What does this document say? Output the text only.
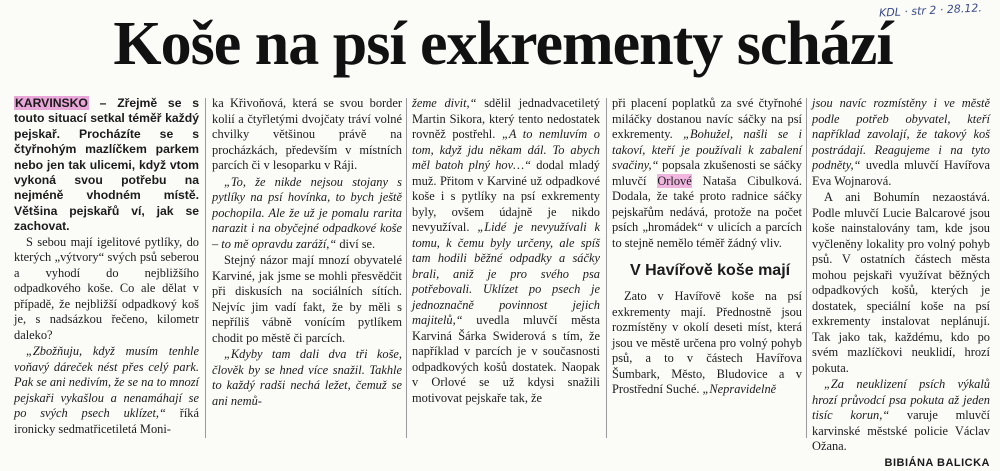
Koše na psí exkrementy schází
KDL · str 2 · 28.12.
KARVINSKO – Zřejmě se s touto situací setkal téměř každý pejskař. Procházíte se s čtyřnohým mazlíčkem parkem nebo jen tak ulicemi, když vtom vykoná svou potřebu na nejméně vhodném místě. Většina pejskařů ví, jak se zachovat.

S sebou mají igelitové pytlíky, do kterých „výtvory“ svých psů seberou a vyhodí do nejbližšího odpadkového koše. Co ale dělat v případě, že nejbližší odpadkový koš je, s nadsázkou řečeno, kilometr daleko?

„Zbožňuju, když musím tenhle voňavý dáreček nést přes celý park. Pak se ani nedivím, že se na to mnozí pejskaři vykašlou a nenamáhají se po svých psech uklízet,“ říká ironicky sedmatřicetiletá Moni-

ka Křivoňová, která se svou border kolií a čtyřletými dvojčaty tráví volné chvilky většinou právě na procházkách, především v místních parcích či v lesoparku v Ráji.

„To, že nikde nejsou stojany s pytlíky na psí hovínka, to bych ještě pochopila. Ale že už je pomalu rarita narazit i na obyčejné odpadkové koše – to mě opravdu zaráží,“ diví se.

Stejný názor mají mnozí obyvatelé Karviné, jak jsme se mohli přesvědčit při diskusích na sociálních sítích. Nejvíc jim vadí fakt, že by měli s nepříliš vábně vonícím pytlíkem chodit po městě či parcích.

„Kdyby tam dali dva tři koše, člověk by se hned více snažil. Takhle to každý radši nechá ležet, čemuž se ani nemů-

žeme divit,“ sdělil jednadvacetiletý Martin Sikora, který tento nedostatek rovněž postřehl. „A to nemluvím o tom, když jdu někam dál. To abych měl batoh plný hov…“ dodal mladý muž. Přitom v Karviné už odpadkové koše i s pytlíky na psí exkrementy byly, ovšem údajně je nikdo nevyužíval. „Lidé je nevyužívali k tomu, k čemu byly určeny, ale spíš tam hodili běžné odpadky a sáčky brali, aniž je pro svého psa potřebovali. Uklízet po psech je jednoznačně povinnost jejich majitelů,“ uvedla mluvčí města Karviná Šárka Swiderová s tím, že například v parcích je v současnosti odpadkových košů dostatek. Naopak v Orlové se už kdysi snažili motivovat pejskaře tak, že

při placení poplatků za své čtyřnohé miláčky dostanou navíc sáčky na psí exkrementy. „Bohužel, našli se i takoví, kteří je používali k zabalení svačiny,“ popsala zkušenosti se sáčky mluvčí Orlové Nataša Cibulková. Dodala, že také proto radnice sáčky pejskařům nedává, protože na počet psích „hromádek“ v ulicích a parcích to stejně nemělo téměř žádný vliv.

V Havířově koše mají

Zato v Havířově koše na psí exkrementy mají. Přednostně jsou rozmístěny v okolí deseti míst, která jsou ve městě určena pro volný pohyb psů, a to v částech Havířova Šumbark, Město, Bludovice a v Prostřední Suché. „Nepravidelně

jsou navíc rozmístěny i ve městě podle potřeb obyvatel, kteří například zavolají, že takový koš postrádají. Reagujeme i na tyto podněty,“ uvedla mluvčí Havířova Eva Wojnarová.

A ani Bohumín nezaostává. Podle mluvčí Lucie Balcarové jsou koše nainstalovány tam, kde jsou vyčleněny lokality pro volný pohyb psů. V ostatních částech města mohou pejskaři využívat běžných odpadkových košů, kterých je dostatek, speciální koše na psí exkrementy instalovat neplánují. Tak jako tak, každému, kdo po svém mazlíčkovi neuklidí, hrozí pokuta.

„Za neuklizení psích výkalů hrozí průvodcí psa pokuta až jeden tisíc korun,“ varuje mluvčí karvinské městské policie Václav Ožana.

BIBIÁNA BALICKA
